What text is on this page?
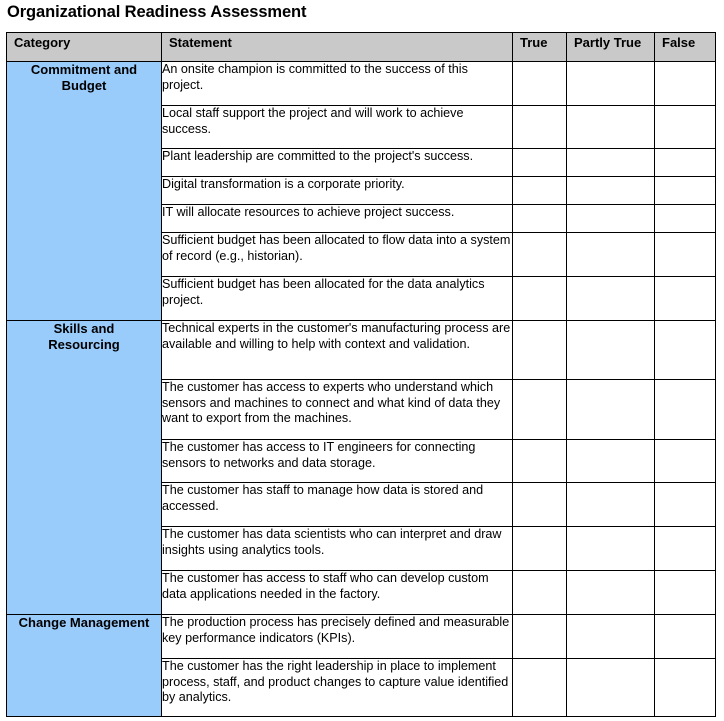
Organizational Readiness Assessment
Category	Statement	True	Partly True	False

Commitment and Budget	An onsite champion is committed to the success of this project.			
	Local staff support the project and will work to achieve success.			
	Plant leadership are committed to the project's success.			
	Digital transformation is a corporate priority.			
	IT will allocate resources to achieve project success.			
	Sufficient budget has been allocated to flow data into a system of record (e.g., historian).			
	Sufficient budget has been allocated for the data analytics project.			

Skills and Resourcing	Technical experts in the customer's manufacturing process are available and willing to help with context and validation.			
	The customer has access to experts who understand which sensors and machines to connect and what kind of data they want to export from the machines.			
	The customer has access to IT engineers for connecting sensors to networks and data storage.			
	The customer has staff to manage how data is stored and accessed.			
	The customer has data scientists who can interpret and draw insights using analytics tools.			
	The customer has access to staff who can develop custom data applications needed in the factory.			

Change Management	The production process has precisely defined and measurable key performance indicators (KPIs).			
	The customer has the right leadership in place to implement process, staff, and product changes to capture value identified by analytics.			
